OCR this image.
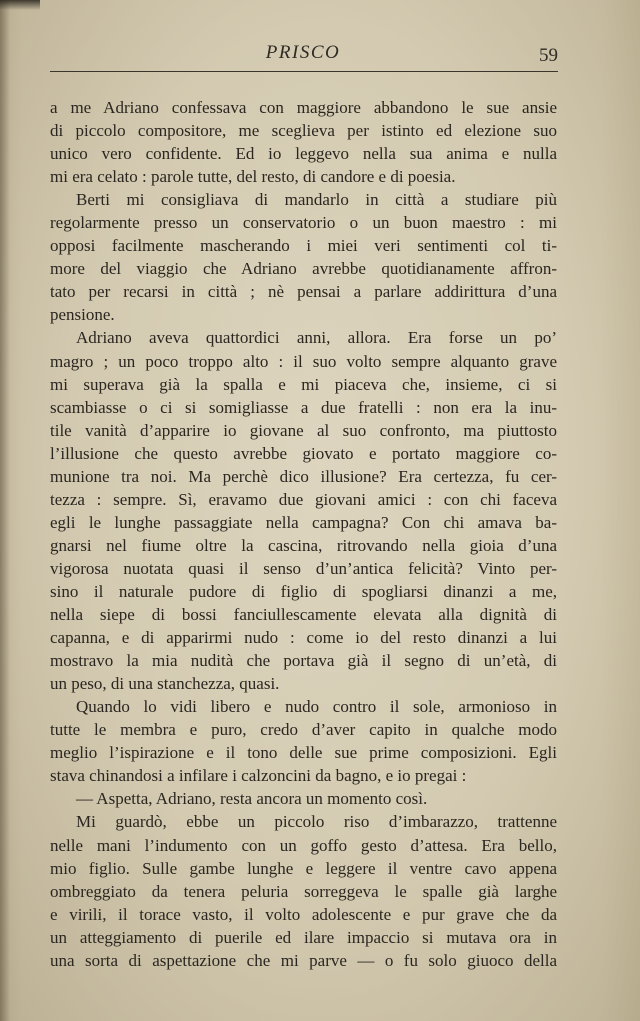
PRISCO	59
a me Adriano confessava con maggiore abbandono le sue ansie
di piccolo compositore, me sceglieva per istinto ed elezione suo
unico vero confidente. Ed io leggevo nella sua anima e nulla
mi era celato : parole tutte, del resto, di candore e di poesia.
Berti mi consigliava di mandarlo in città a studiare più
regolarmente presso un conservatorio o un buon maestro : mi
opposi facilmente mascherando i miei veri sentimenti col ti-
more del viaggio che Adriano avrebbe quotidianamente affron-
tato per recarsi in città ; nè pensai a parlare addirittura d’una
pensione.
Adriano aveva quattordici anni, allora. Era forse un po’
magro ; un poco troppo alto : il suo volto sempre alquanto grave
mi superava già la spalla e mi piaceva che, insieme, ci si
scambiasse o ci si somigliasse a due fratelli : non era la inu-
tile vanità d’apparire io giovane al suo confronto, ma piuttosto
l’illusione che questo avrebbe giovato e portato maggiore co-
munione tra noi. Ma perchè dico illusione? Era certezza, fu cer-
tezza : sempre. Sì, eravamo due giovani amici : con chi faceva
egli le lunghe passaggiate nella campagna? Con chi amava ba-
gnarsi nel fiume oltre la cascina, ritrovando nella gioia d’una
vigorosa nuotata quasi il senso d’un’antica felicità? Vinto per-
sino il naturale pudore di figlio di spogliarsi dinanzi a me,
nella siepe di bossi fanciullescamente elevata alla dignità di
capanna, e di apparirmi nudo : come io del resto dinanzi a lui
mostravo la mia nudità che portava già il segno di un’età, di
un peso, di una stanchezza, quasi.
Quando lo vidi libero e nudo contro il sole, armonioso in
tutte le membra e puro, credo d’aver capito in qualche modo
meglio l’ispirazione e il tono delle sue prime composizioni. Egli
stava chinandosi a infilare i calzoncini da bagno, e io pregai :
— Aspetta, Adriano, resta ancora un momento così.
Mi guardò, ebbe un piccolo riso d’imbarazzo, trattenne
nelle mani l’indumento con un goffo gesto d’attesa. Era bello,
mio figlio. Sulle gambe lunghe e leggere il ventre cavo appena
ombreggiato da tenera peluria sorreggeva le spalle già larghe
e virili, il torace vasto, il volto adolescente e pur grave che da
un atteggiamento di puerile ed ilare impaccio si mutava ora in
una sorta di aspettazione che mi parve — o fu solo giuoco della
